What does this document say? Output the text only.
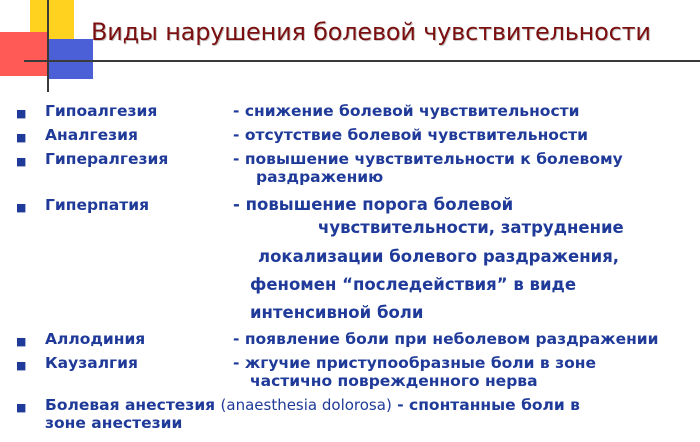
Виды нарушения болевой чувствительности
■ Гипоалгезия	- снижение болевой чувствительности
■ Аналгезия	- отсутствие болевой чувствительности
■ Гипералгезия	- повышение чувствительности к болевому
раздражению
■ Гиперпатия	- повышение порога болевой
чувствительности, затруднение
локализации болевого раздражения,
феномен “последействия” в виде
интенсивной боли
■ Аллодиния	- появление боли при неболевом раздражении
■ Каузалгия	- жгучие приступообразные боли в зоне
частично поврежденного нерва
■ Болевая анестезия (anaesthesia dolorosa) - спонтанные боли в
зоне анестезии
